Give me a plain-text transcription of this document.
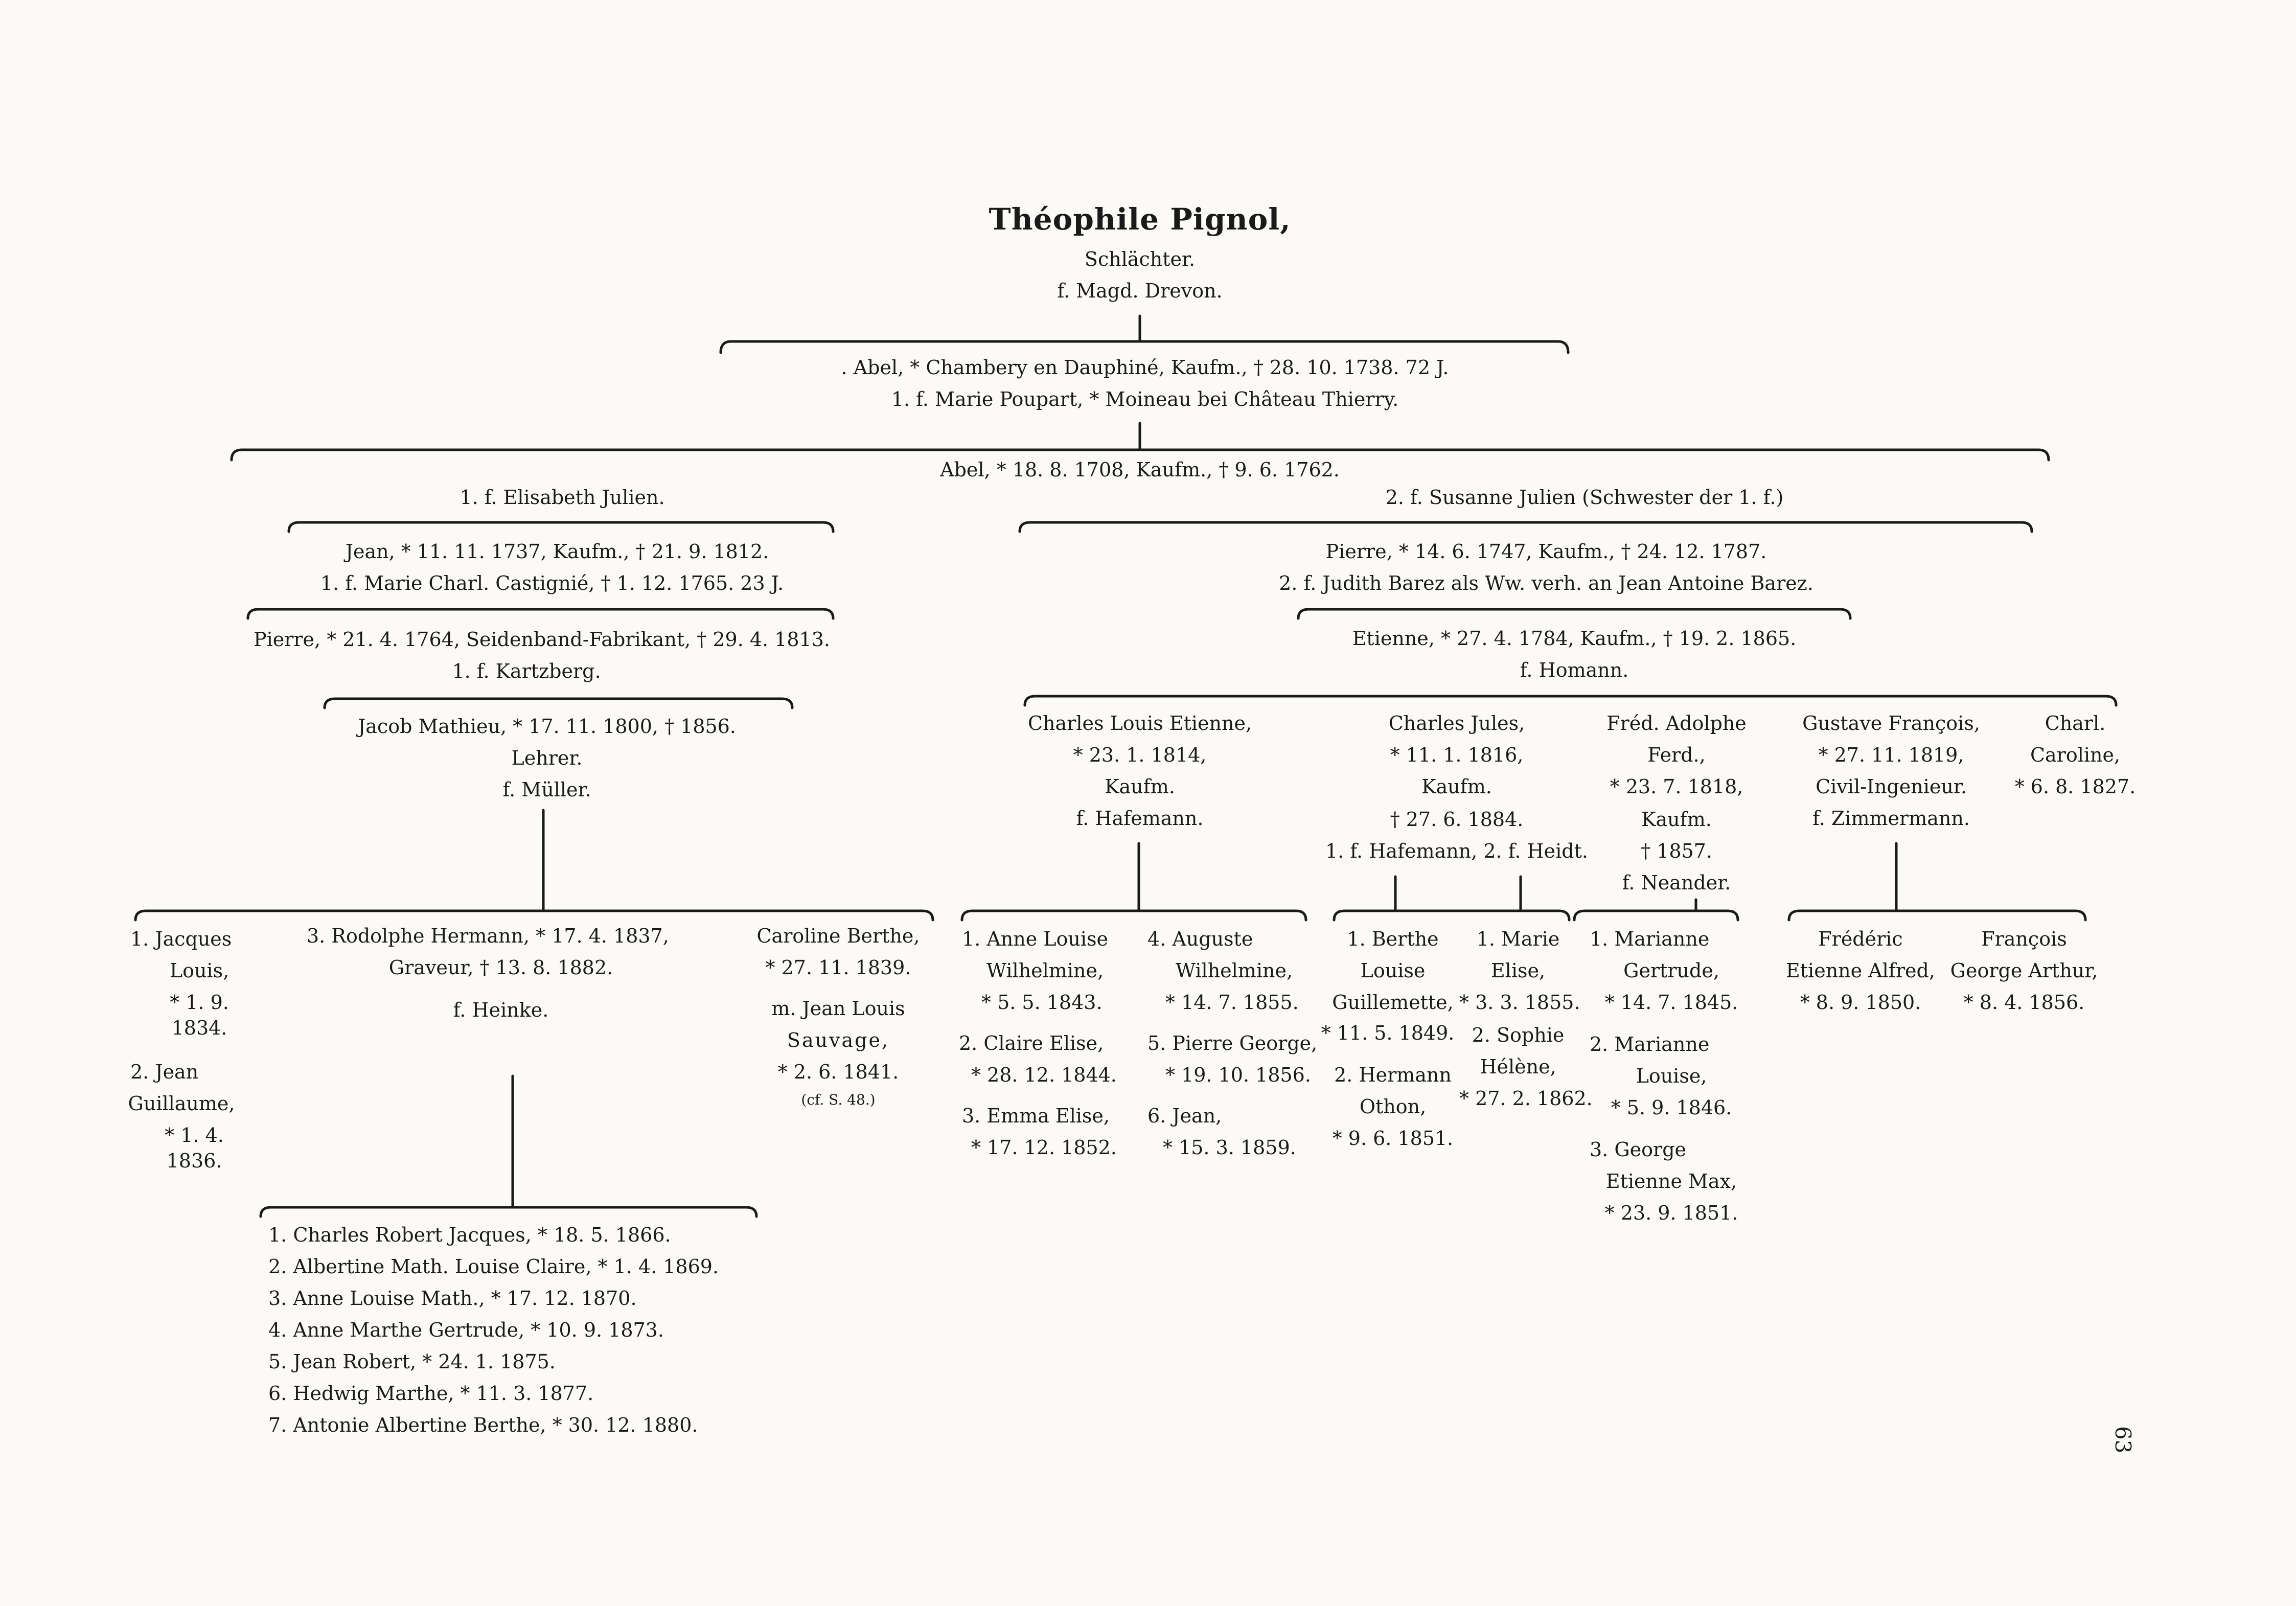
Théophile Pignol,
Schlächter.
f. Magd. Drevon.
. Abel, * Chambery en Dauphiné, Kaufm., † 28. 10. 1738. 72 J.
1. f. Marie Poupart, * Moineau bei Château Thierry.
Abel, * 18. 8. 1708, Kaufm., † 9. 6. 1762.
1. f. Elisabeth Julien.	2. f. Susanne Julien (Schwester der 1. f.)
Jean, * 11. 11. 1737, Kaufm., † 21. 9. 1812.
1. f. Marie Charl. Castignié, † 1. 12. 1765. 23 J.
Pierre, * 21. 4. 1764, Seidenband-Fabrikant, † 29. 4. 1813.
1. f. Kartzberg.
Jacob Mathieu, * 17. 11. 1800, † 1856.
Lehrer.
f. Müller.
1. Jacques
Louis,
* 1. 9.
1834.
2. Jean
Guillaume,
* 1. 4.
1836.
3. Rodolphe Hermann, * 17. 4. 1837,
Graveur, † 13. 8. 1882.
f. Heinke.
Caroline Berthe,
* 27. 11. 1839.
m. Jean Louis
Sauvage,
* 2. 6. 1841.
(cf. S. 48.)
1. Charles Robert Jacques, * 18. 5. 1866.
2. Albertine Math. Louise Claire, * 1. 4. 1869.
3. Anne Louise Math., * 17. 12. 1870.
4. Anne Marthe Gertrude, * 10. 9. 1873.
5. Jean Robert, * 24. 1. 1875.
6. Hedwig Marthe, * 11. 3. 1877.
7. Antonie Albertine Berthe, * 30. 12. 1880.
Pierre, * 14. 6. 1747, Kaufm., † 24. 12. 1787.
2. f. Judith Barez als Ww. verh. an Jean Antoine Barez.
Etienne, * 27. 4. 1784, Kaufm., † 19. 2. 1865.
f. Homann.
Charles Louis Etienne,
* 23. 1. 1814,
Kaufm.
f. Hafemann.
Charles Jules,
* 11. 1. 1816,
Kaufm.
† 27. 6. 1884.
1. f. Hafemann, 2. f. Heidt.
Fréd. Adolphe
Ferd.,
* 23. 7. 1818,
Kaufm.
† 1857.
f. Neander.
Gustave François,
* 27. 11. 1819,
Civil-Ingenieur.
f. Zimmermann.
Charl.
Caroline,
* 6. 8. 1827.
1. Anne Louise
Wilhelmine,
* 5. 5. 1843.
2. Claire Elise,
* 28. 12. 1844.
3. Emma Elise,
* 17. 12. 1852.
4. Auguste
Wilhelmine,
* 14. 7. 1855.
5. Pierre George,
* 19. 10. 1856.
6. Jean,
* 15. 3. 1859.
1. Berthe
Louise
Guillemette,
* 11. 5. 1849.
2. Hermann
Othon,
* 9. 6. 1851.
1. Marie
Elise,
* 3. 3. 1855.
2. Sophie
Hélène,
* 27. 2. 1862.
1. Marianne
Gertrude,
* 14. 7. 1845.
2. Marianne
Louise,
* 5. 9. 1846.
3. George
Etienne Max,
* 23. 9. 1851.
Frédéric
Etienne Alfred,
* 8. 9. 1850.
François
George Arthur,
* 8. 4. 1856.
63
